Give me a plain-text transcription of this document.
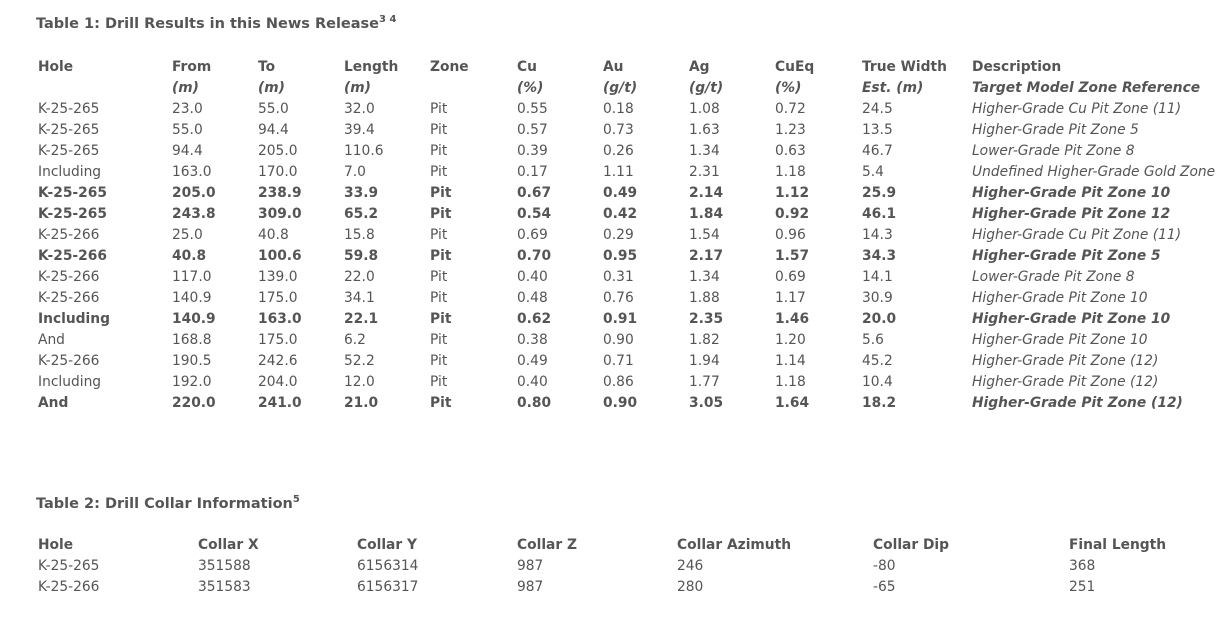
Table 1: Drill Results in this News Release$^{3 4}$
Hole	From	To	Length	Zone	Cu	Au	Ag	CuEq	True Width	Description
	(m)	(m)	(m)		(%)	(g/t)	(g/t)	(%)	Est. (m)	Target Model Zone Reference
K-25-265	23.0	55.0	32.0	Pit	0.55	0.18	1.08	0.72	24.5	Higher-Grade Cu Pit Zone (11)
K-25-265	55.0	94.4	39.4	Pit	0.57	0.73	1.63	1.23	13.5	Higher-Grade Pit Zone 5
K-25-265	94.4	205.0	110.6	Pit	0.39	0.26	1.34	0.63	46.7	Lower-Grade Pit Zone 8
Including	163.0	170.0	7.0	Pit	0.17	1.11	2.31	1.18	5.4	Undefined Higher-Grade Gold Zone
K-25-265	205.0	238.9	33.9	Pit	0.67	0.49	2.14	1.12	25.9	Higher-Grade Pit Zone 10
K-25-265	243.8	309.0	65.2	Pit	0.54	0.42	1.84	0.92	46.1	Higher-Grade Pit Zone 12
K-25-266	25.0	40.8	15.8	Pit	0.69	0.29	1.54	0.96	14.3	Higher-Grade Cu Pit Zone (11)
K-25-266	40.8	100.6	59.8	Pit	0.70	0.95	2.17	1.57	34.3	Higher-Grade Pit Zone 5
K-25-266	117.0	139.0	22.0	Pit	0.40	0.31	1.34	0.69	14.1	Lower-Grade Pit Zone 8
K-25-266	140.9	175.0	34.1	Pit	0.48	0.76	1.88	1.17	30.9	Higher-Grade Pit Zone 10
Including	140.9	163.0	22.1	Pit	0.62	0.91	2.35	1.46	20.0	Higher-Grade Pit Zone 10
And	168.8	175.0	6.2	Pit	0.38	0.90	1.82	1.20	5.6	Higher-Grade Pit Zone 10
K-25-266	190.5	242.6	52.2	Pit	0.49	0.71	1.94	1.14	45.2	Higher-Grade Pit Zone (12)
Including	192.0	204.0	12.0	Pit	0.40	0.86	1.77	1.18	10.4	Higher-Grade Pit Zone (12)
And	220.0	241.0	21.0	Pit	0.80	0.90	3.05	1.64	18.2	Higher-Grade Pit Zone (12)
Table 2: Drill Collar Information$^5$
Hole	Collar X	Collar Y	Collar Z	Collar Azimuth	Collar Dip	Final Length
K-25-265	351588	6156314	987	246	-80	368
K-25-266	351583	6156317	987	280	-65	251
